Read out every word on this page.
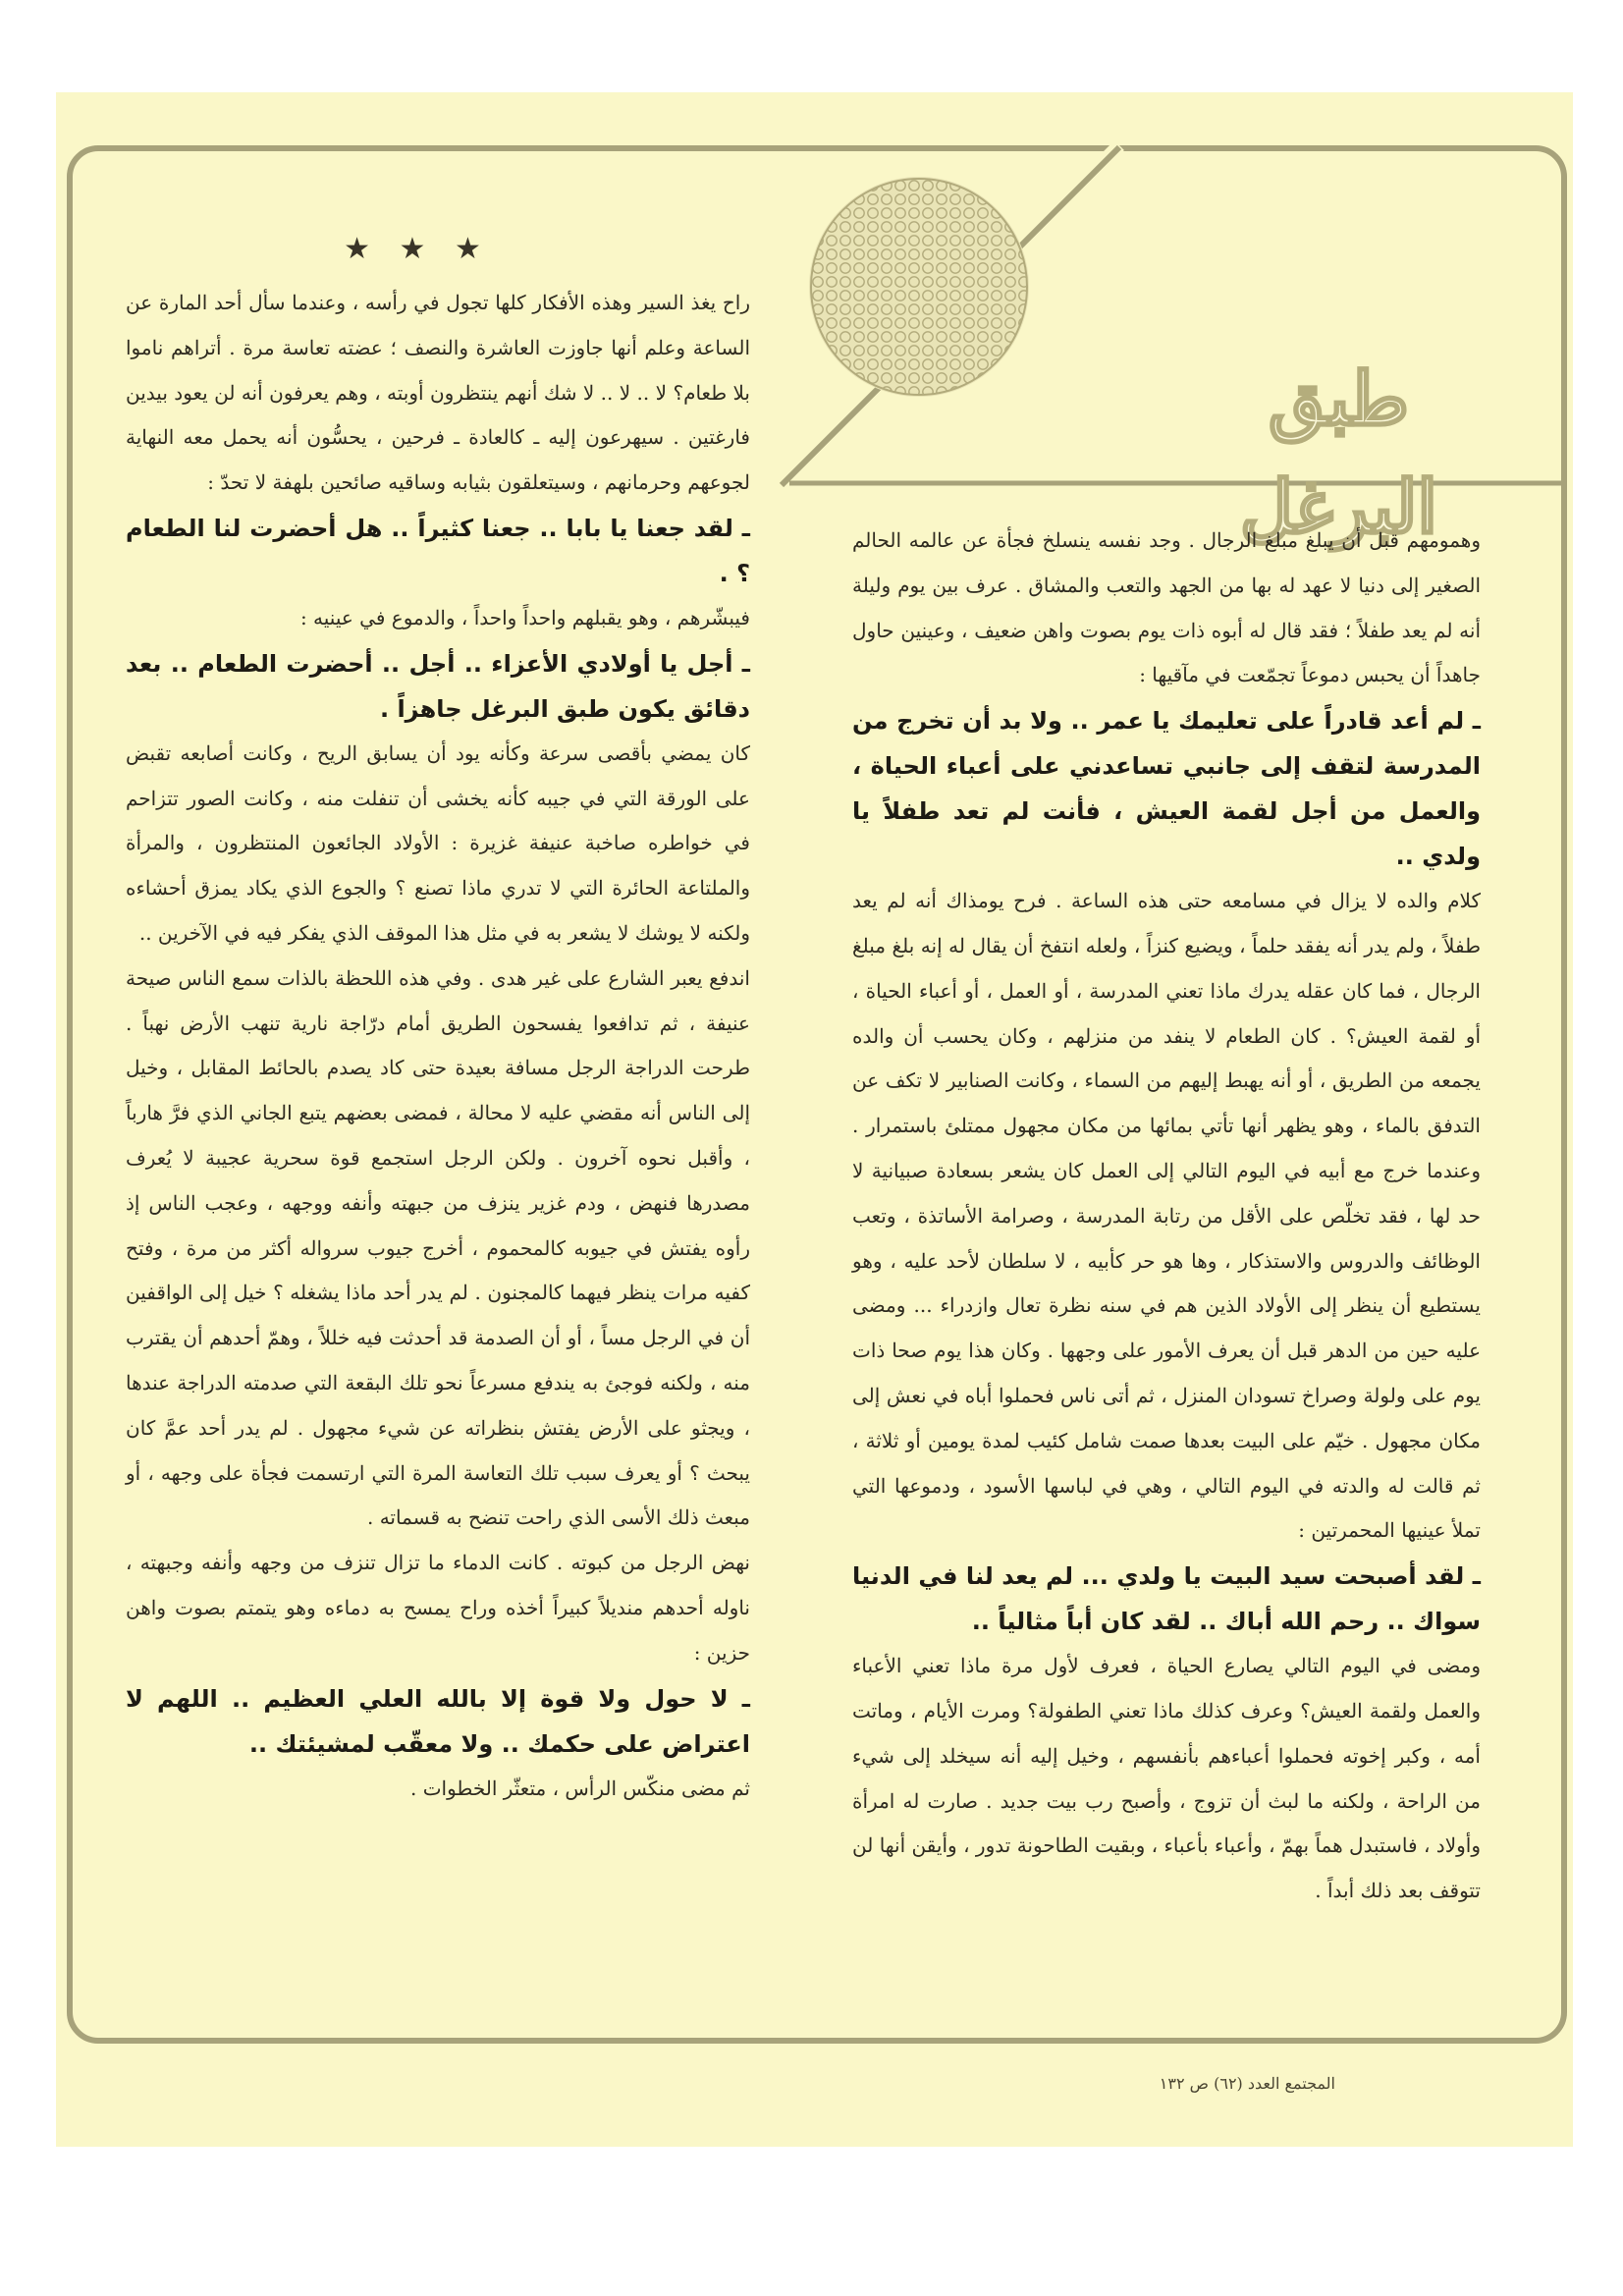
طبق البرغل
★ ★ ★

راح يغذ السير وهذه الأفكار كلها تجول في رأسه ، وعندما سأل أحد المارة عن الساعة وعلم أنها جاوزت العاشرة والنصف ؛ عضته تعاسة مرة . أتراهم ناموا بلا طعام؟ لا .. لا .. لا شك أنهم ينتظرون أوبته ، وهم يعرفون أنه لن يعود بيدين فارغتين . سيهرعون إليه ـ كالعادة ـ فرحين ، يحسُّون أنه يحمل معه النهاية لجوعهم وحرمانهم ، وسيتعلقون بثيابه وساقيه صائحين بلهفة لا تحدّ :

ـ لقد جعنا يا بابا .. جعنا كثيراً .. هل أحضرت لنا الطعام ؟ .

فيبشّرهم ، وهو يقبلهم واحداً واحداً ، والدموع في عينيه :

ـ أجل يا أولادي الأعزاء .. أجل .. أحضرت الطعام .. بعد دقائق يكون طبق البرغل جاهزاً .

كان يمضي بأقصى سرعة وكأنه يود أن يسابق الريح ، وكانت أصابعه تقبض على الورقة التي في جيبه كأنه يخشى أن تنفلت منه ، وكانت الصور تتزاحم في خواطره صاخبة عنيفة غزيرة : الأولاد الجائعون المنتظرون ، والمرأة والملتاعة الحائرة التي لا تدري ماذا تصنع ؟ والجوع الذي يكاد يمزق أحشاءه ولكنه لا يوشك لا يشعر به في مثل هذا الموقف الذي يفكر فيه في الآخرين ..

اندفع يعبر الشارع على غير هدى . وفي هذه اللحظة بالذات سمع الناس صيحة عنيفة ، ثم تدافعوا يفسحون الطريق أمام درّاجة نارية تنهب الأرض نهباً . طرحت الدراجة الرجل مسافة بعيدة حتى كاد يصدم بالحائط المقابل ، وخيل إلى الناس أنه مقضي عليه لا محالة ، فمضى بعضهم يتبع الجاني الذي فرَّ هارباً ، وأقبل نحوه آخرون . ولكن الرجل استجمع قوة سحرية عجيبة لا يُعرف مصدرها فنهض ، ودم غزير ينزف من جبهته وأنفه ووجهه ، وعجب الناس إذ رأوه يفتش في جيوبه كالمحموم ، أخرج جيوب سرواله أكثر من مرة ، وفتح كفيه مرات ينظر فيهما كالمجنون . لم يدر أحد ماذا يشغله ؟ خيل إلى الواقفين أن في الرجل مساً ، أو أن الصدمة قد أحدثت فيه خللاً ، وهمّ أحدهم أن يقترب منه ، ولكنه فوجئ به يندفع مسرعاً نحو تلك البقعة التي صدمته الدراجة عندها ، ويجثو على الأرض يفتش بنظراته عن شيء مجهول . لم يدر أحد عمَّ كان يبحث ؟ أو يعرف سبب تلك التعاسة المرة التي ارتسمت فجأة على وجهه ، أو مبعث ذلك الأسى الذي راحت تنضح به قسماته .

نهض الرجل من كبوته . كانت الدماء ما تزال تنزف من وجهه وأنفه وجبهته ، ناوله أحدهم منديلاً كبيراً أخذه وراح يمسح به دماءه وهو يتمتم بصوت واهن حزين :

ـ لا حول ولا قوة إلا بالله العلي العظيم .. اللهم لا اعتراض على حكمك .. ولا معقّب لمشيئتك ..

ثم مضى منكّس الرأس ، متعثّر الخطوات .

وهمومهم قبل أن يبلغ مبلغ الرجال . وجد نفسه ينسلخ فجأة عن عالمه الحالم الصغير إلى دنيا لا عهد له بها من الجهد والتعب والمشاق . عرف بين يوم وليلة أنه لم يعد طفلاً ؛ فقد قال له أبوه ذات يوم بصوت واهن ضعيف ، وعينين حاول جاهداً أن يحبس دموعاً تجمّعت في مآقيها :

ـ لم أعد قادراً على تعليمك يا عمر .. ولا بد أن تخرج من المدرسة لتقف إلى جانبي تساعدني على أعباء الحياة ، والعمل من أجل لقمة العيش ، فأنت لم تعد طفلاً يا ولدي ..

كلام والده لا يزال في مسامعه حتى هذه الساعة . فرح يومذاك أنه لم يعد طفلاً ، ولم يدر أنه يفقد حلماً ، ويضيع كنزاً ، ولعله انتفخ أن يقال له إنه بلغ مبلغ الرجال ، فما كان عقله يدرك ماذا تعني المدرسة ، أو العمل ، أو أعباء الحياة ، أو لقمة العيش؟ . كان الطعام لا ينفد من منزلهم ، وكان يحسب أن والده يجمعه من الطريق ، أو أنه يهبط إليهم من السماء ، وكانت الصنابير لا تكف عن التدفق بالماء ، وهو يظهر أنها تأتي بمائها من مكان مجهول ممتلئ باستمرار . وعندما خرج مع أبيه في اليوم التالي إلى العمل كان يشعر بسعادة صبيانية لا حد لها ، فقد تخلّص على الأقل من رتابة المدرسة ، وصرامة الأساتذة ، وتعب الوظائف والدروس والاستذكار ، وها هو حر كأبيه ، لا سلطان لأحد عليه ، وهو يستطيع أن ينظر إلى الأولاد الذين هم في سنه نظرة تعال وازدراء ... ومضى عليه حين من الدهر قبل أن يعرف الأمور على وجهها . وكان هذا يوم صحا ذات يوم على ولولة وصراخ تسودان المنزل ، ثم أتى ناس فحملوا أباه في نعش إلى مكان مجهول . خيّم على البيت بعدها صمت شامل كئيب لمدة يومين أو ثلاثة ، ثم قالت له والدته في اليوم التالي ، وهي في لباسها الأسود ، ودموعها التي تملأ عينيها المحمرتين :

ـ لقد أصبحت سيد البيت يا ولدي ... لم يعد لنا في الدنيا سواك .. رحم الله أباك .. لقد كان أباً مثالياً ..

ومضى في اليوم التالي يصارع الحياة ، فعرف لأول مرة ماذا تعني الأعباء والعمل ولقمة العيش؟ وعرف كذلك ماذا تعني الطفولة؟ ومرت الأيام ، وماتت أمه ، وكبر إخوته فحملوا أعباءهم بأنفسهم ، وخيل إليه أنه سيخلد إلى شيء من الراحة ، ولكنه ما لبث أن تزوج ، وأصبح رب بيت جديد . صارت له امرأة وأولاد ، فاستبدل هماً بهمّ ، وأعباء بأعباء ، وبقيت الطاحونة تدور ، وأيقن أنها لن تتوقف بعد ذلك أبداً .

المجتمع العدد (٦٢) ص ١٣٢
